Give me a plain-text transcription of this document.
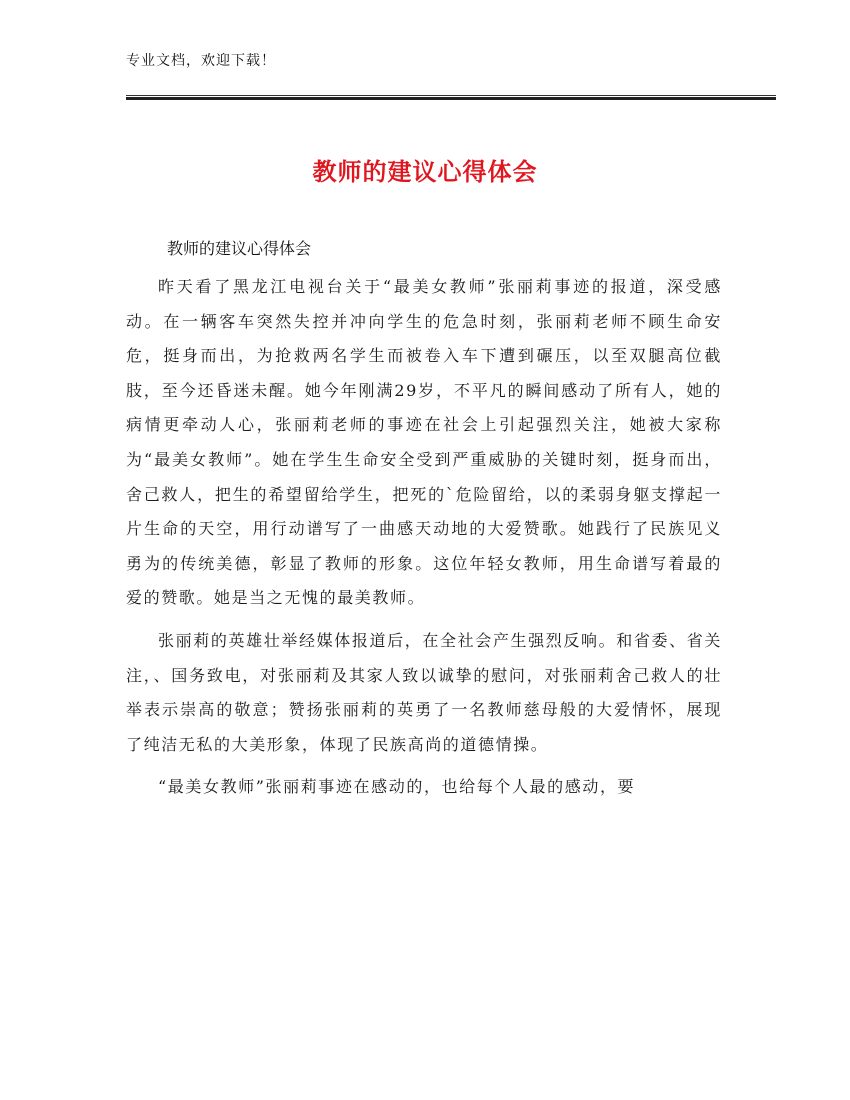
专业文档，欢迎下载！
教师的建议心得体会
教师的建议心得体会

昨天看了黑龙江电视台关于“最美女教师”张丽莉事迹的报道，深受感动。在一辆客车突然失控并冲向学生的危急时刻，张丽莉老师不顾生命安危，挺身而出，为抢救两名学生而被卷入车下遭到碾压，以至双腿高位截肢，至今还昏迷未醒。她今年刚满29岁，不平凡的瞬间感动了所有人，她的病情更牵动人心，张丽莉老师的事迹在社会上引起强烈关注，她被大家称为“最美女教师”。她在学生生命安全受到严重威胁的关键时刻，挺身而出，舍己救人，把生的希望留给学生，把死的`危险留给，以的柔弱身躯支撑起一片生命的天空，用行动谱写了一曲感天动地的大爱赞歌。她践行了民族见义勇为的传统美德，彰显了教师的形象。这位年轻女教师，用生命谱写着最的爱的赞歌。她是当之无愧的最美教师。

张丽莉的英雄壮举经媒体报道后，在全社会产生强烈反响。和省委、省关注，、国务致电，对张丽莉及其家人致以诚挚的慰问，对张丽莉舍己救人的壮举表示崇高的敬意；赞扬张丽莉的英勇了一名教师慈母般的大爱情怀，展现了纯洁无私的大美形象，体现了民族高尚的道德情操。

“最美女教师”张丽莉事迹在感动的，也给每个人最的感动，要
